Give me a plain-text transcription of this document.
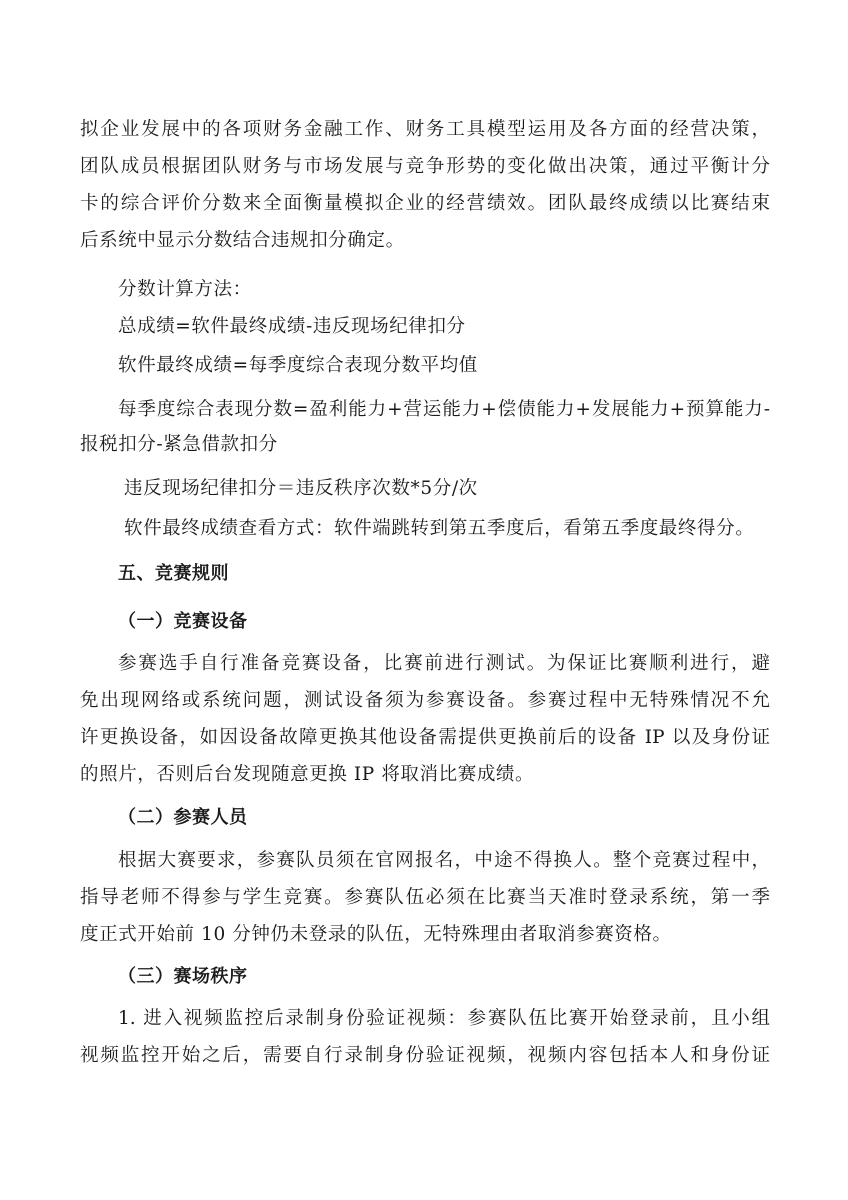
拟企业发展中的各项财务金融工作、财务工具模型运用及各方面的经营决策，
团队成员根据团队财务与市场发展与竞争形势的变化做出决策，通过平衡计分
卡的综合评价分数来全面衡量模拟企业的经营绩效。团队最终成绩以比赛结束
后系统中显示分数结合违规扣分确定。
分数计算方法：
总成绩=软件最终成绩-违反现场纪律扣分
软件最终成绩=每季度综合表现分数平均值
每季度综合表现分数=盈利能力+营运能力+偿债能力+发展能力+预算能力-
报税扣分-紧急借款扣分
违反现场纪律扣分＝违反秩序次数*5分/次
软件最终成绩查看方式：软件端跳转到第五季度后，看第五季度最终得分。
五、竞赛规则
（一）竞赛设备
参赛选手自行准备竞赛设备，比赛前进行测试。为保证比赛顺利进行，避
免出现网络或系统问题，测试设备须为参赛设备。参赛过程中无特殊情况不允
许更换设备，如因设备故障更换其他设备需提供更换前后的设备 IP 以及身份证
的照片，否则后台发现随意更换 IP 将取消比赛成绩。
（二）参赛人员
根据大赛要求，参赛队员须在官网报名，中途不得换人。整个竞赛过程中，
指导老师不得参与学生竞赛。参赛队伍必须在比赛当天准时登录系统，第一季
度正式开始前 10 分钟仍未登录的队伍，无特殊理由者取消参赛资格。
（三）赛场秩序
1. 进入视频监控后录制身份验证视频：参赛队伍比赛开始登录前，且小组
视频监控开始之后，需要自行录制身份验证视频，视频内容包括本人和身份证
